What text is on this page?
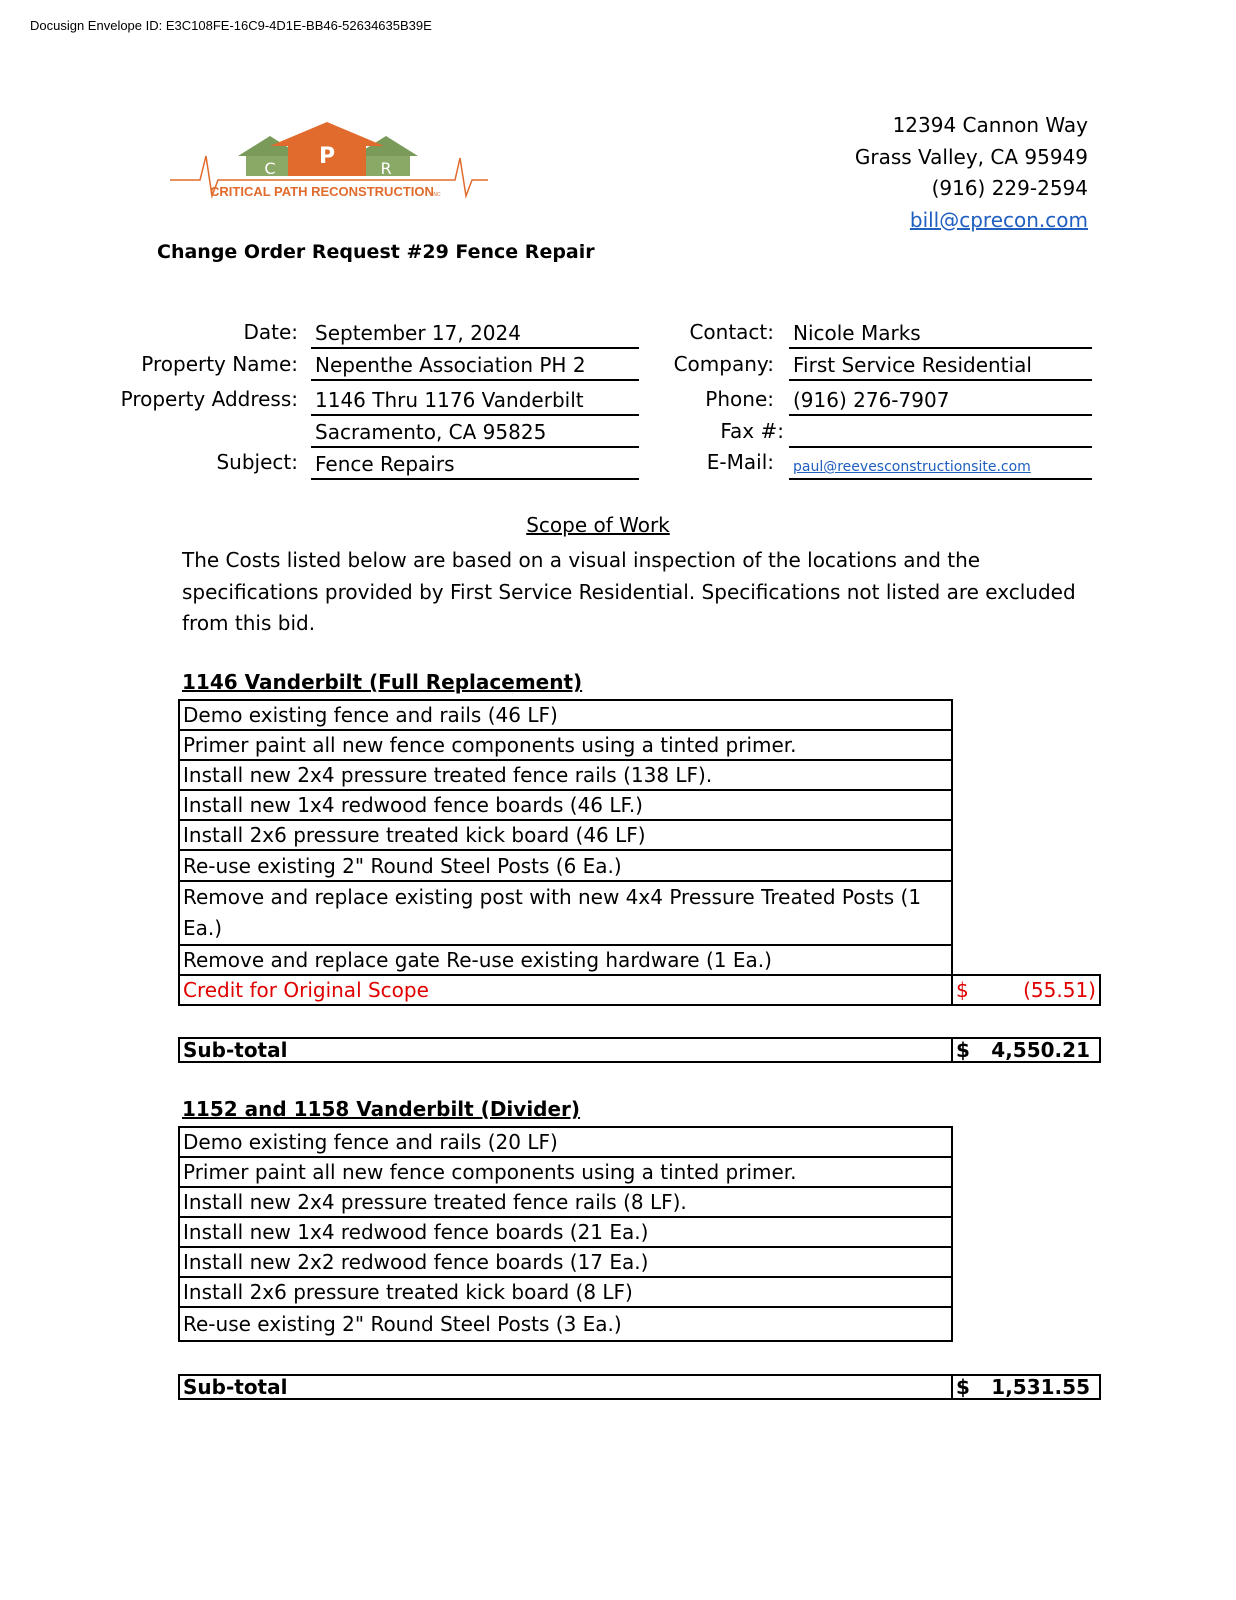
Docusign Envelope ID: E3C108FE-16C9-4D1E-BB46-52634635B39E
P
C	R
CRITICAL PATH RECONSTRUCTION
INC
12394 Cannon Way
Grass Valley, CA 95949
(916) 229-2594
bill@cprecon.com
Change Order Request #29 Fence Repair
Date: September 17, 2024
Property Name: Nepenthe Association PH 2
Property Address: 1146 Thru 1176 Vanderbilt
Sacramento, CA 95825
Subject: Fence Repairs
Contact: Nicole Marks
Company: First Service Residential
Phone: (916) 276-7907
Fax #:
E-Mail: paul@reevesconstructionsite.com
Scope of Work
The Costs listed below are based on a visual inspection of the locations and the specifications provided by First Service Residential. Specifications not listed are excluded from this bid.
1146 Vanderbilt (Full Replacement)
Demo existing fence and rails (46 LF)	
Primer paint all new fence components using a tinted primer.	
Install new 2x4 pressure treated fence rails (138 LF).	
Install new 1x4 redwood fence boards (46 LF.)	
Install 2x6 pressure treated kick board (46 LF)	
Re-use existing 2" Round Steel Posts (6 Ea.)	
Remove and replace existing post with new 4x4 Pressure Treated Posts (1 Ea.)	
Remove and replace gate Re-use existing hardware (1 Ea.)	
Credit for Original Scope	$ (55.51)
Sub-total	$ 4,550.21
1152 and 1158 Vanderbilt (Divider)
Demo existing fence and rails (20 LF)
Primer paint all new fence components using a tinted primer.
Install new 2x4 pressure treated fence rails (8 LF).
Install new 1x4 redwood fence boards (21 Ea.)
Install new 2x2 redwood fence boards (17 Ea.)
Install 2x6 pressure treated kick board (8 LF)
Re-use existing 2" Round Steel Posts (3 Ea.)
Sub-total	$ 1,531.55
